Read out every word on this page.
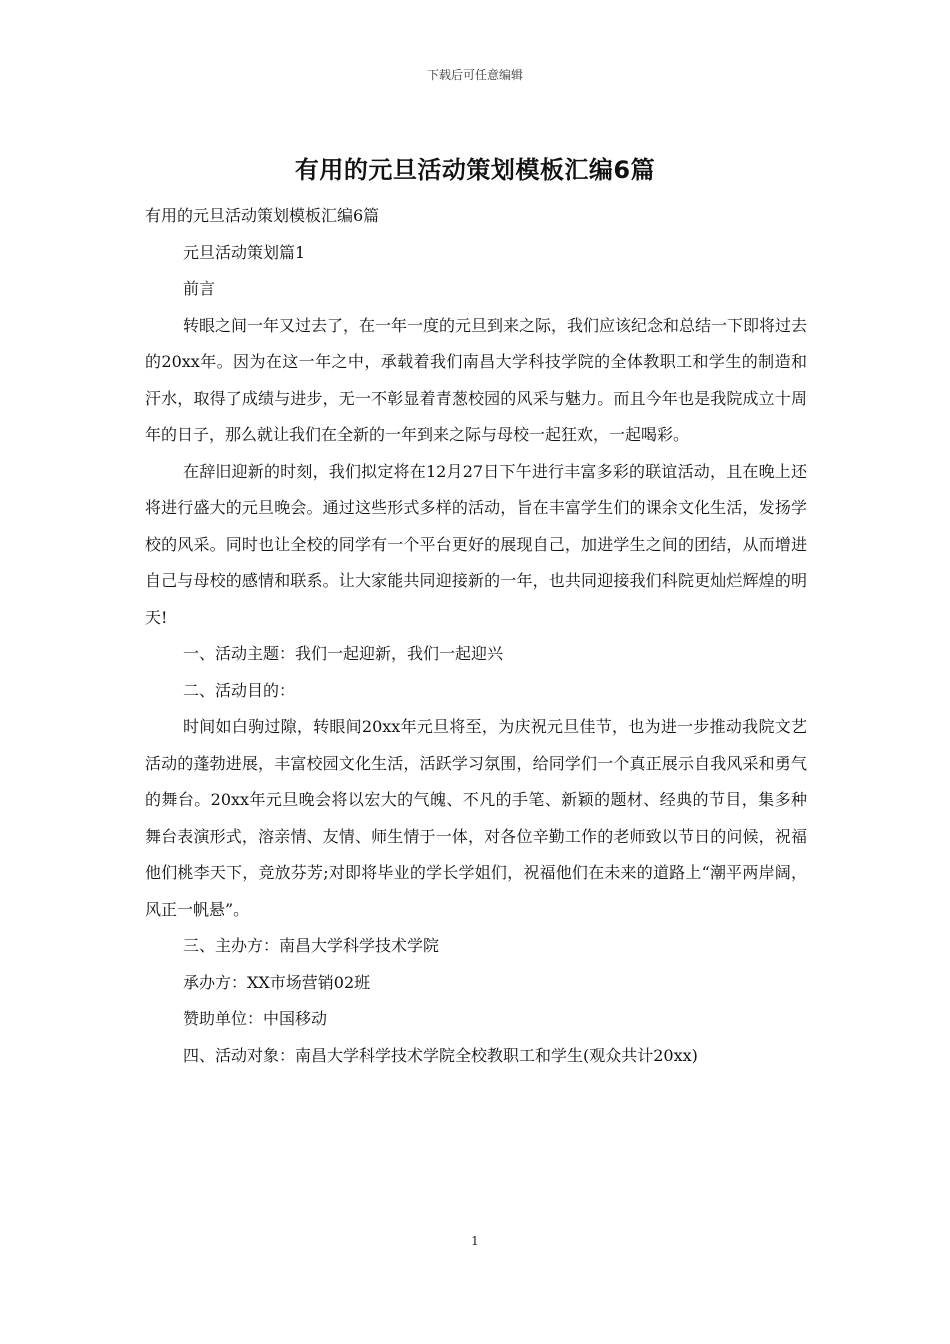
下载后可任意编辑
有用的元旦活动策划模板汇编6篇

有用的元旦活动策划模板汇编6篇

元旦活动策划篇1

前言

转眼之间一年又过去了，在一年一度的元旦到来之际，我们应该纪念和总结一下即将过去的20xx年。因为在这一年之中，承载着我们南昌大学科技学院的全体教职工和学生的制造和汗水，取得了成绩与进步，无一不彰显着青葱校园的风采与魅力。而且今年也是我院成立十周年的日子，那么就让我们在全新的一年到来之际与母校一起狂欢，一起喝彩。

在辞旧迎新的时刻，我们拟定将在12月27日下午进行丰富多彩的联谊活动，且在晚上还将进行盛大的元旦晚会。通过这些形式多样的活动，旨在丰富学生们的课余文化生活，发扬学校的风采。同时也让全校的同学有一个平台更好的展现自己，加进学生之间的团结，从而增进自己与母校的感情和联系。让大家能共同迎接新的一年，也共同迎接我们科院更灿烂辉煌的明天!

一、活动主题：我们一起迎新，我们一起迎兴

二、活动目的：

时间如白驹过隙，转眼间20xx年元旦将至，为庆祝元旦佳节，也为进一步推动我院文艺活动的蓬勃进展，丰富校园文化生活，活跃学习氛围，给同学们一个真正展示自我风采和勇气的舞台。20xx年元旦晚会将以宏大的气魄、不凡的手笔、新颖的题材、经典的节目，集多种舞台表演形式，溶亲情、友情、师生情于一体，对各位辛勤工作的老师致以节日的问候，祝福他们桃李天下，竞放芬芳;对即将毕业的学长学姐们，祝福他们在未来的道路上“潮平两岸阔，风正一帆悬”。

三、主办方：南昌大学科学技术学院

承办方：XX市场营销02班

赞助单位：中国移动

四、活动对象：南昌大学科学技术学院全校教职工和学生(观众共计20xx)

1
